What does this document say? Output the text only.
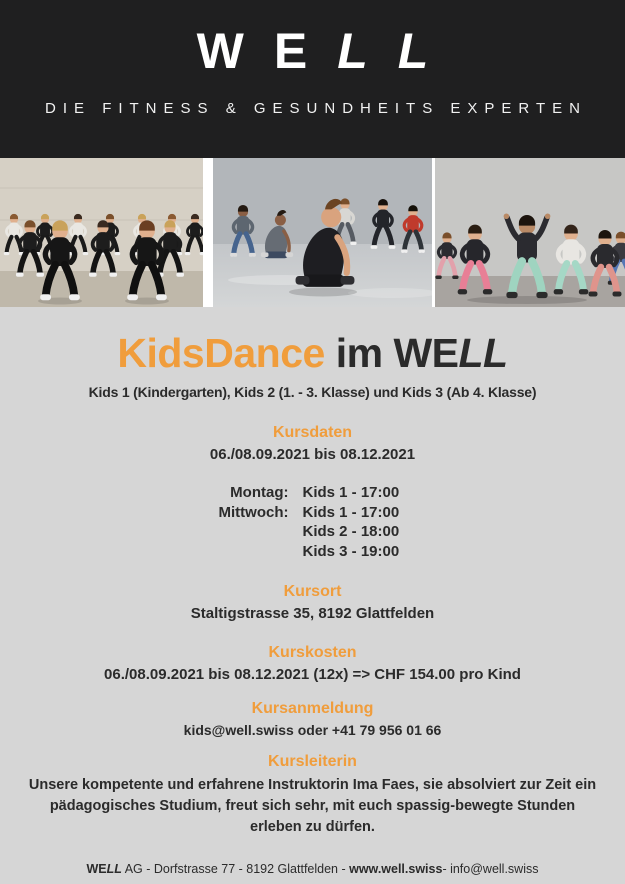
WELL
DIE FITNESS & GESUNDHEITS EXPERTEN
KidsDance im WELL
Kids 1 (Kindergarten), Kids 2 (1. - 3. Klasse) und Kids 3 (Ab 4. Klasse)
Kursdaten
06./08.09.2021 bis 08.12.2021
Montag: Kids 1 - 17:00
Mittwoch: Kids 1 - 17:00
Kids 2 - 18:00
Kids 3 - 19:00
Kursort
Staltigstrasse 35, 8192 Glattfelden
Kurskosten
06./08.09.2021 bis 08.12.2021 (12x) => CHF 154.00 pro Kind
Kursanmeldung
kids@well.swiss oder +41 79 956 01 66
Kursleiterin
Unsere kompetente und erfahrene Instruktorin Ima Faes, sie absolviert zur Zeit ein pädagogisches Studium, freut sich sehr, mit euch spassig-bewegte Stunden erleben zu dürfen.
WELL AG - Dorfstrasse 77 - 8192 Glattfelden - www.well.swiss- info@well.swiss
